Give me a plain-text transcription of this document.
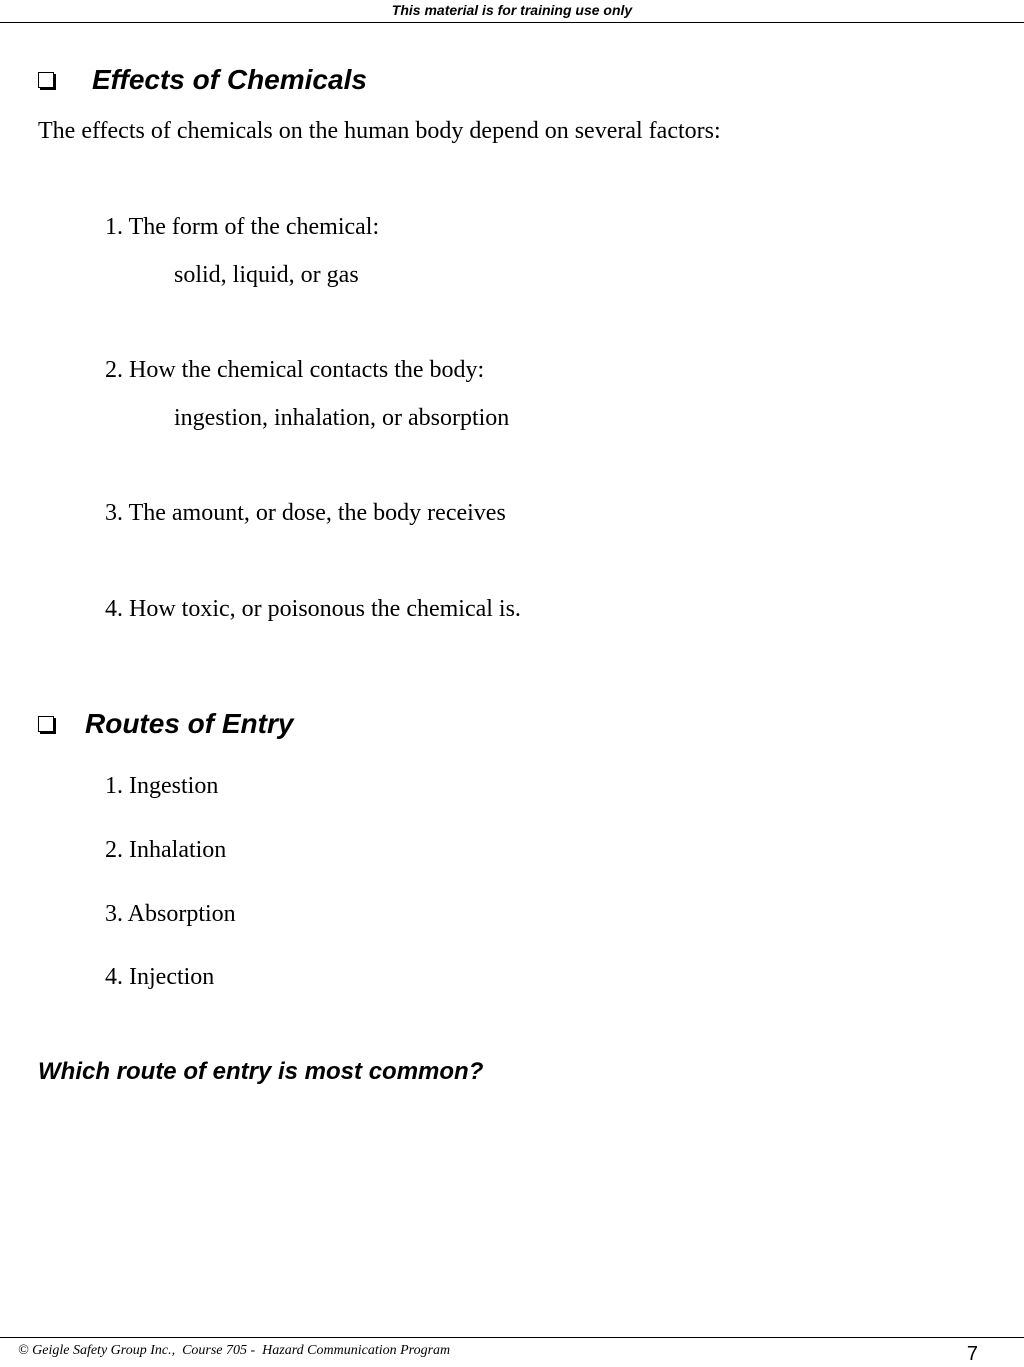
This material is for training use only
Effects of Chemicals
The effects of chemicals on the human body depend on several factors:
1. The form of the chemical:
solid, liquid, or gas
2. How the chemical contacts the body:
ingestion, inhalation, or absorption
3. The amount, or dose, the body receives
4. How toxic, or poisonous the chemical is.
Routes of Entry
1. Ingestion
2. Inhalation
3. Absorption
4. Injection
Which route of entry is most common?
© Geigle Safety Group Inc.,  Course 705 -  Hazard Communication Program	7
